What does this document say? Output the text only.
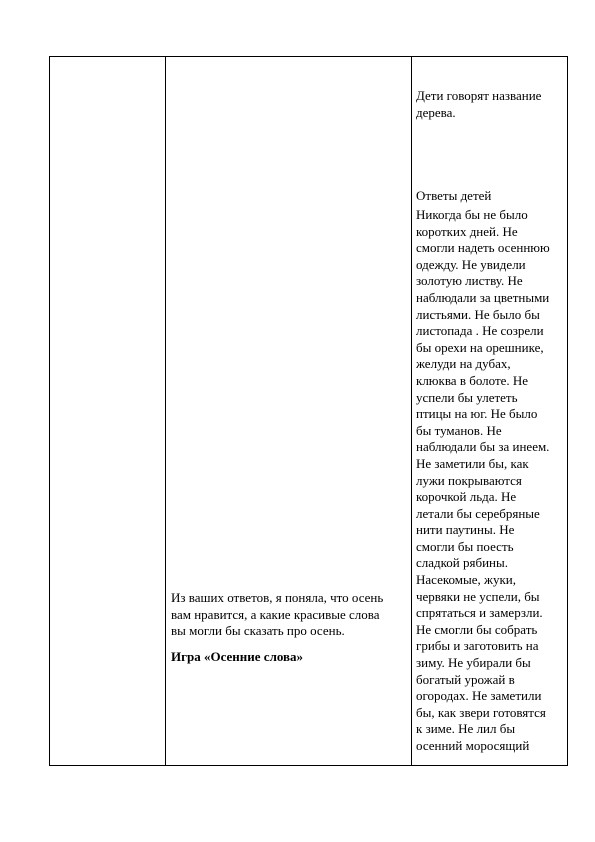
Из ваших ответов, я поняла, что осень
вам нравится, а какие красивые слова
вы могли бы сказать про осень.

Игра «Осенние слова»

Дети говорят название
дерева.

Ответы детей

Никогда бы не было
коротких дней. Не
смогли надеть осеннюю
одежду. Не увидели
золотую листву. Не
наблюдали за цветными
листьями. Не было бы
листопада . Не созрели
бы орехи на орешнике,
желуди на дубах,
клюква в болоте. Не
успели бы улететь
птицы на юг. Не было
бы туманов. Не
наблюдали бы за инеем.
Не заметили бы, как
лужи покрываются
корочкой льда. Не
летали бы серебряные
нити паутины. Не
смогли бы поесть
сладкой рябины.
Насекомые, жуки,
червяки не успели, бы
спрятаться и замерзли.
Не смогли бы собрать
грибы и заготовить на
зиму. Не убирали бы
богатый урожай в
огородах. Не заметили
бы, как звери готовятся
к зиме. Не лил бы
осенний моросящий
